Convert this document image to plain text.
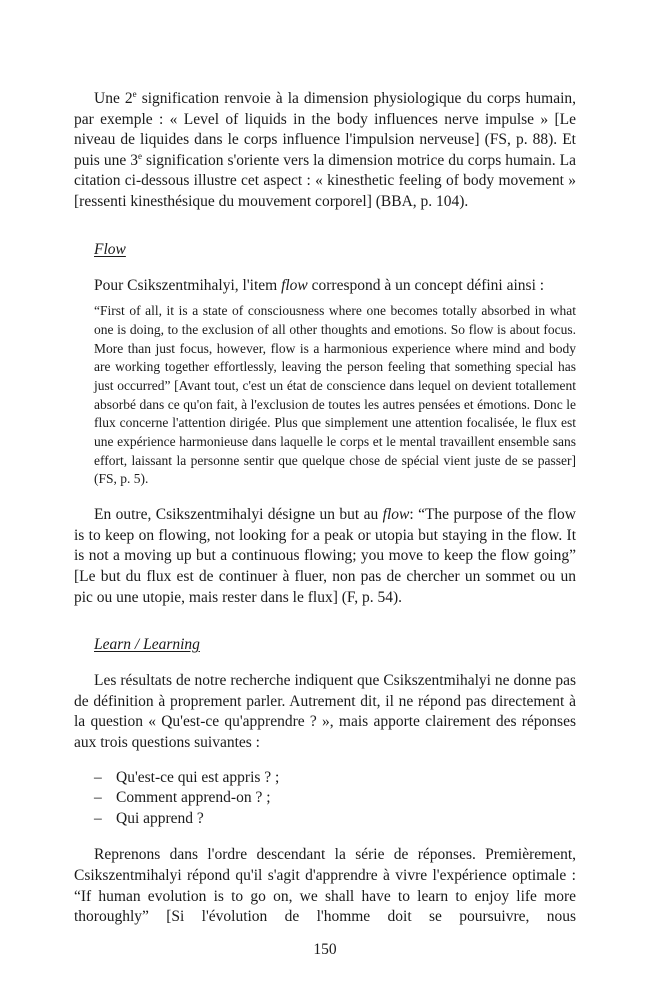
Une 2e signification renvoie à la dimension physiologique du corps humain, par exemple : « Level of liquids in the body influences nerve impulse » [Le niveau de liquides dans le corps influence l'impulsion nerveuse] (FS, p. 88). Et puis une 3e signification s'oriente vers la dimension motrice du corps humain. La citation ci-dessous illustre cet aspect : « kinesthetic feeling of body movement » [ressenti kinesthésique du mouvement corporel] (BBA, p. 104).

Flow

Pour Csikszentmihalyi, l'item flow correspond à un concept défini ainsi :

“First of all, it is a state of consciousness where one becomes totally absorbed in what one is doing, to the exclusion of all other thoughts and emotions. So flow is about focus. More than just focus, however, flow is a harmonious experience where mind and body are working together effortlessly, leaving the person feeling that something special has just occurred” [Avant tout, c'est un état de conscience dans lequel on devient totallement absorbé dans ce qu'on fait, à l'exclusion de toutes les autres pensées et émotions. Donc le flux concerne l'attention dirigée. Plus que simplement une attention focalisée, le flux est une expérience harmonieuse dans laquelle le corps et le mental travaillent ensemble sans effort, laissant la personne sentir que quelque chose de spécial vient juste de se passer] (FS, p. 5).

En outre, Csikszentmihalyi désigne un but au flow: “The purpose of the flow is to keep on flowing, not looking for a peak or utopia but staying in the flow. It is not a moving up but a continuous flowing; you move to keep the flow going” [Le but du flux est de continuer à fluer, non pas de chercher un sommet ou un pic ou une utopie, mais rester dans le flux] (F, p. 54).

Learn / Learning

Les résultats de notre recherche indiquent que Csikszentmihalyi ne donne pas de définition à proprement parler. Autrement dit, il ne répond pas directement à la question « Qu'est-ce qu'apprendre ? », mais apporte clairement des réponses aux trois questions suivantes :

– Qu'est-ce qui est appris ? ;
– Comment apprend-on ? ;
– Qui apprend ?

Reprenons dans l'ordre descendant la série de réponses. Premièrement, Csikszentmihalyi répond qu'il s'agit d'apprendre à vivre l'expérience optimale : “If human evolution is to go on, we shall have to learn to enjoy life more thoroughly” [Si l'évolution de l'homme doit se poursuivre, nous

150
